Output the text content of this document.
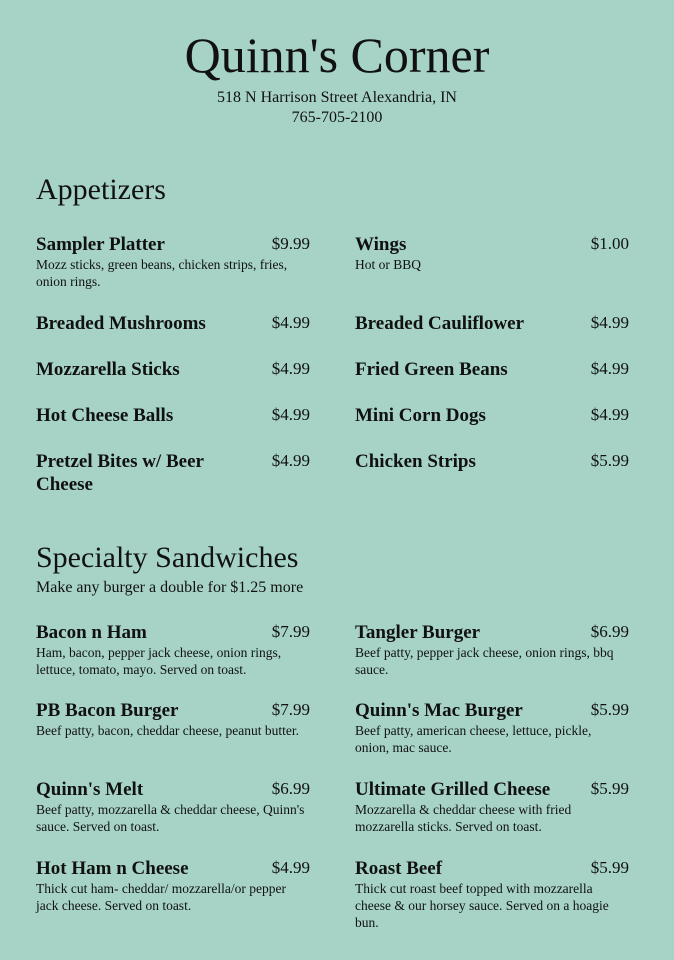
Quinn's Corner
518 N Harrison Street Alexandria, IN
765-705-2100
Appetizers
Sampler Platter	$9.99
Mozz sticks, green beans, chicken strips, fries, onion rings.
Wings	$1.00
Hot or BBQ
Breaded Mushrooms	$4.99 Breaded Cauliflower	$4.99
Mozzarella Sticks	$4.99 Fried Green Beans	$4.99
Hot Cheese Balls	$4.99 Mini Corn Dogs	$4.99
Pretzel Bites w/ Beer Cheese
$4.99 Chicken Strips	$5.99
Specialty Sandwiches
Make any burger a double for $1.25 more
Bacon n Ham	$7.99
Ham, bacon, pepper jack cheese, onion rings, lettuce, tomato, mayo. Served on toast.
Tangler Burger	$6.99
Beef patty, pepper jack cheese, onion rings, bbq sauce.
PB Bacon Burger	$7.99
Beef patty, bacon, cheddar cheese, peanut butter.
Quinn's Mac Burger	$5.99
Beef patty, american cheese, lettuce, pickle, onion, mac sauce.
Quinn's Melt	$6.99
Beef patty, mozzarella & cheddar cheese, Quinn's sauce. Served on toast.
Ultimate Grilled Cheese	$5.99
Mozzarella & cheddar cheese with fried mozzarella sticks. Served on toast.
Hot Ham n Cheese	$4.99
Thick cut ham- cheddar/ mozzarella/or pepper jack cheese. Served on toast.
Roast Beef	$5.99
Thick cut roast beef topped with mozzarella cheese & our horsey sauce. Served on a hoagie bun.
